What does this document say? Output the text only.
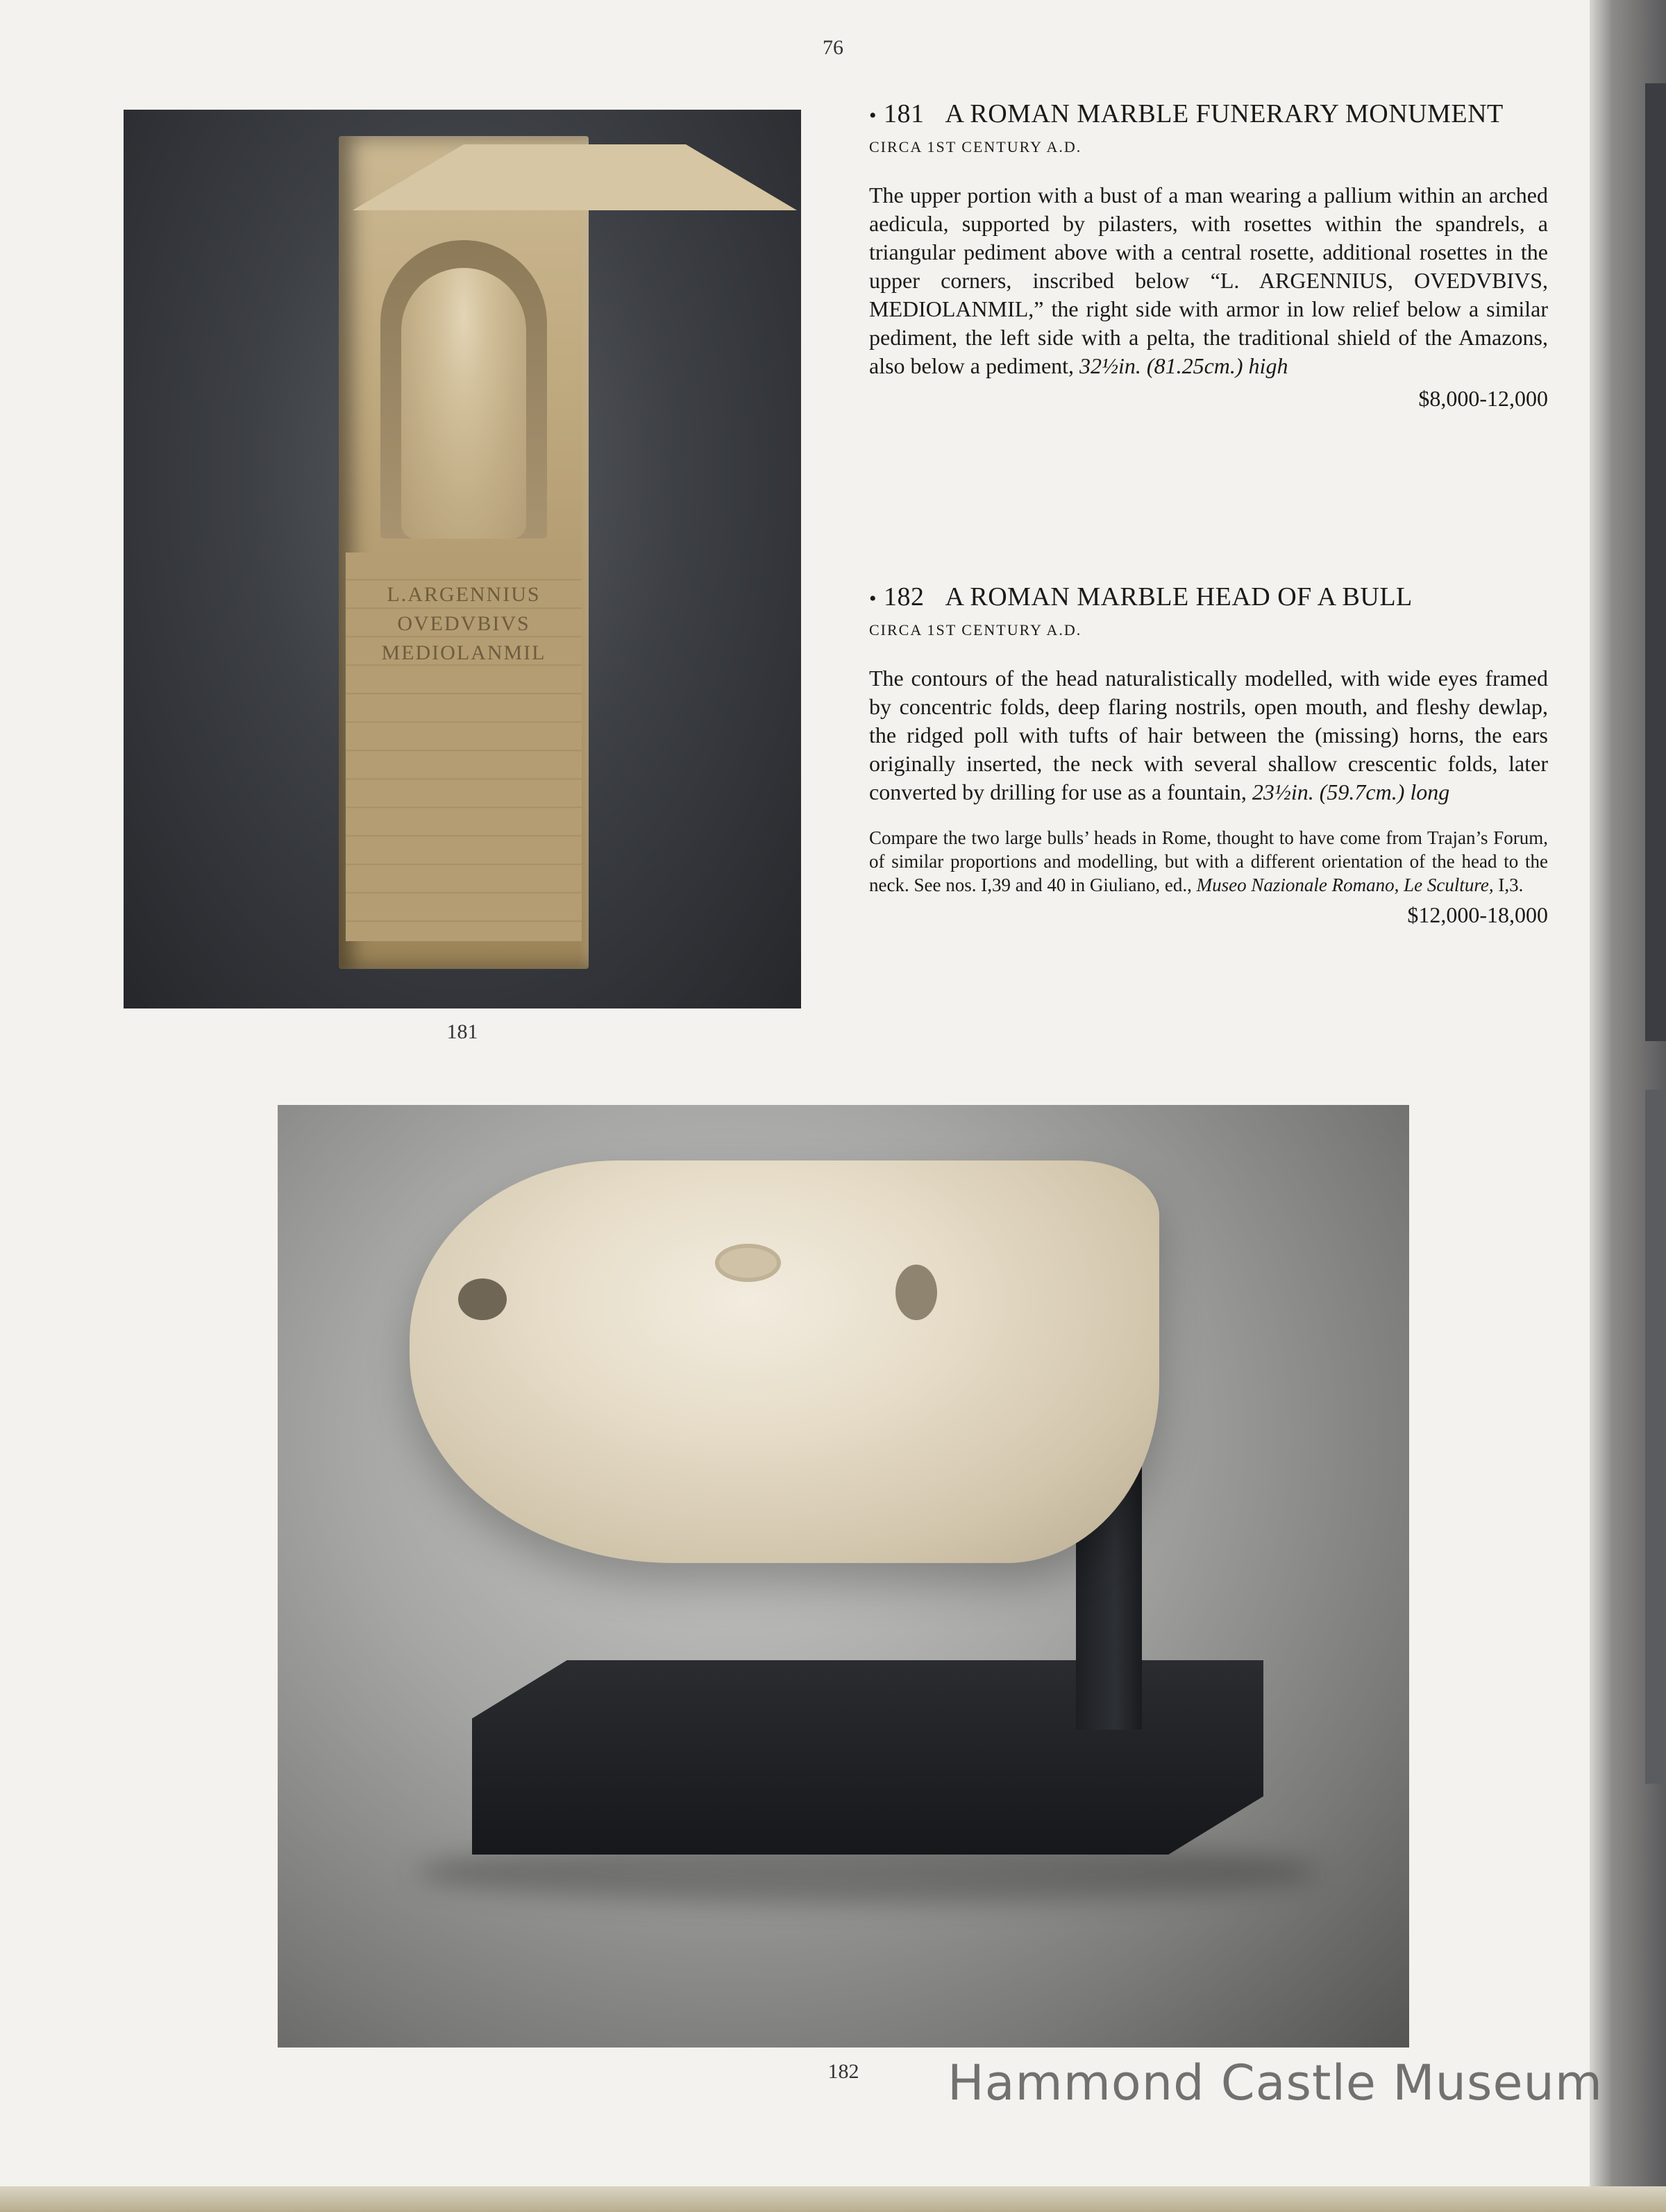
76
L.ARGENNIUS
OVEDVBIVS
MEDIOLANMIL
181
• 181 A ROMAN MARBLE FUNERARY MONUMENT
CIRCA 1ST CENTURY A.D.
The upper portion with a bust of a man wearing a pallium within an arched aedicula, supported by pilasters, with rosettes within the spandrels, a triangular pediment above with a central rosette, additional rosettes in the upper corners, inscribed below “L. ARGENNIUS, OVEDVBIVS, MEDIOLANMIL,” the right side with armor in low relief below a similar pediment, the left side with a pelta, the traditional shield of the Amazons, also below a pediment, 32½in. (81.25cm.) high
$8,000-12,000
• 182 A ROMAN MARBLE HEAD OF A BULL
CIRCA 1ST CENTURY A.D.
The contours of the head naturalistically modelled, with wide eyes framed by concentric folds, deep flaring nostrils, open mouth, and fleshy dewlap, the ridged poll with tufts of hair between the (missing) horns, the ears originally inserted, the neck with several shallow crescentic folds, later converted by drilling for use as a fountain, 23½in. (59.7cm.) long
Compare the two large bulls’ heads in Rome, thought to have come from Trajan’s Forum, of similar proportions and modelling, but with a different orientation of the head to the neck. See nos. I,39 and 40 in Giuliano, ed., Museo Nazionale Romano, Le Sculture, I,3.
$12,000-18,000
182	Hammond Castle Museum
